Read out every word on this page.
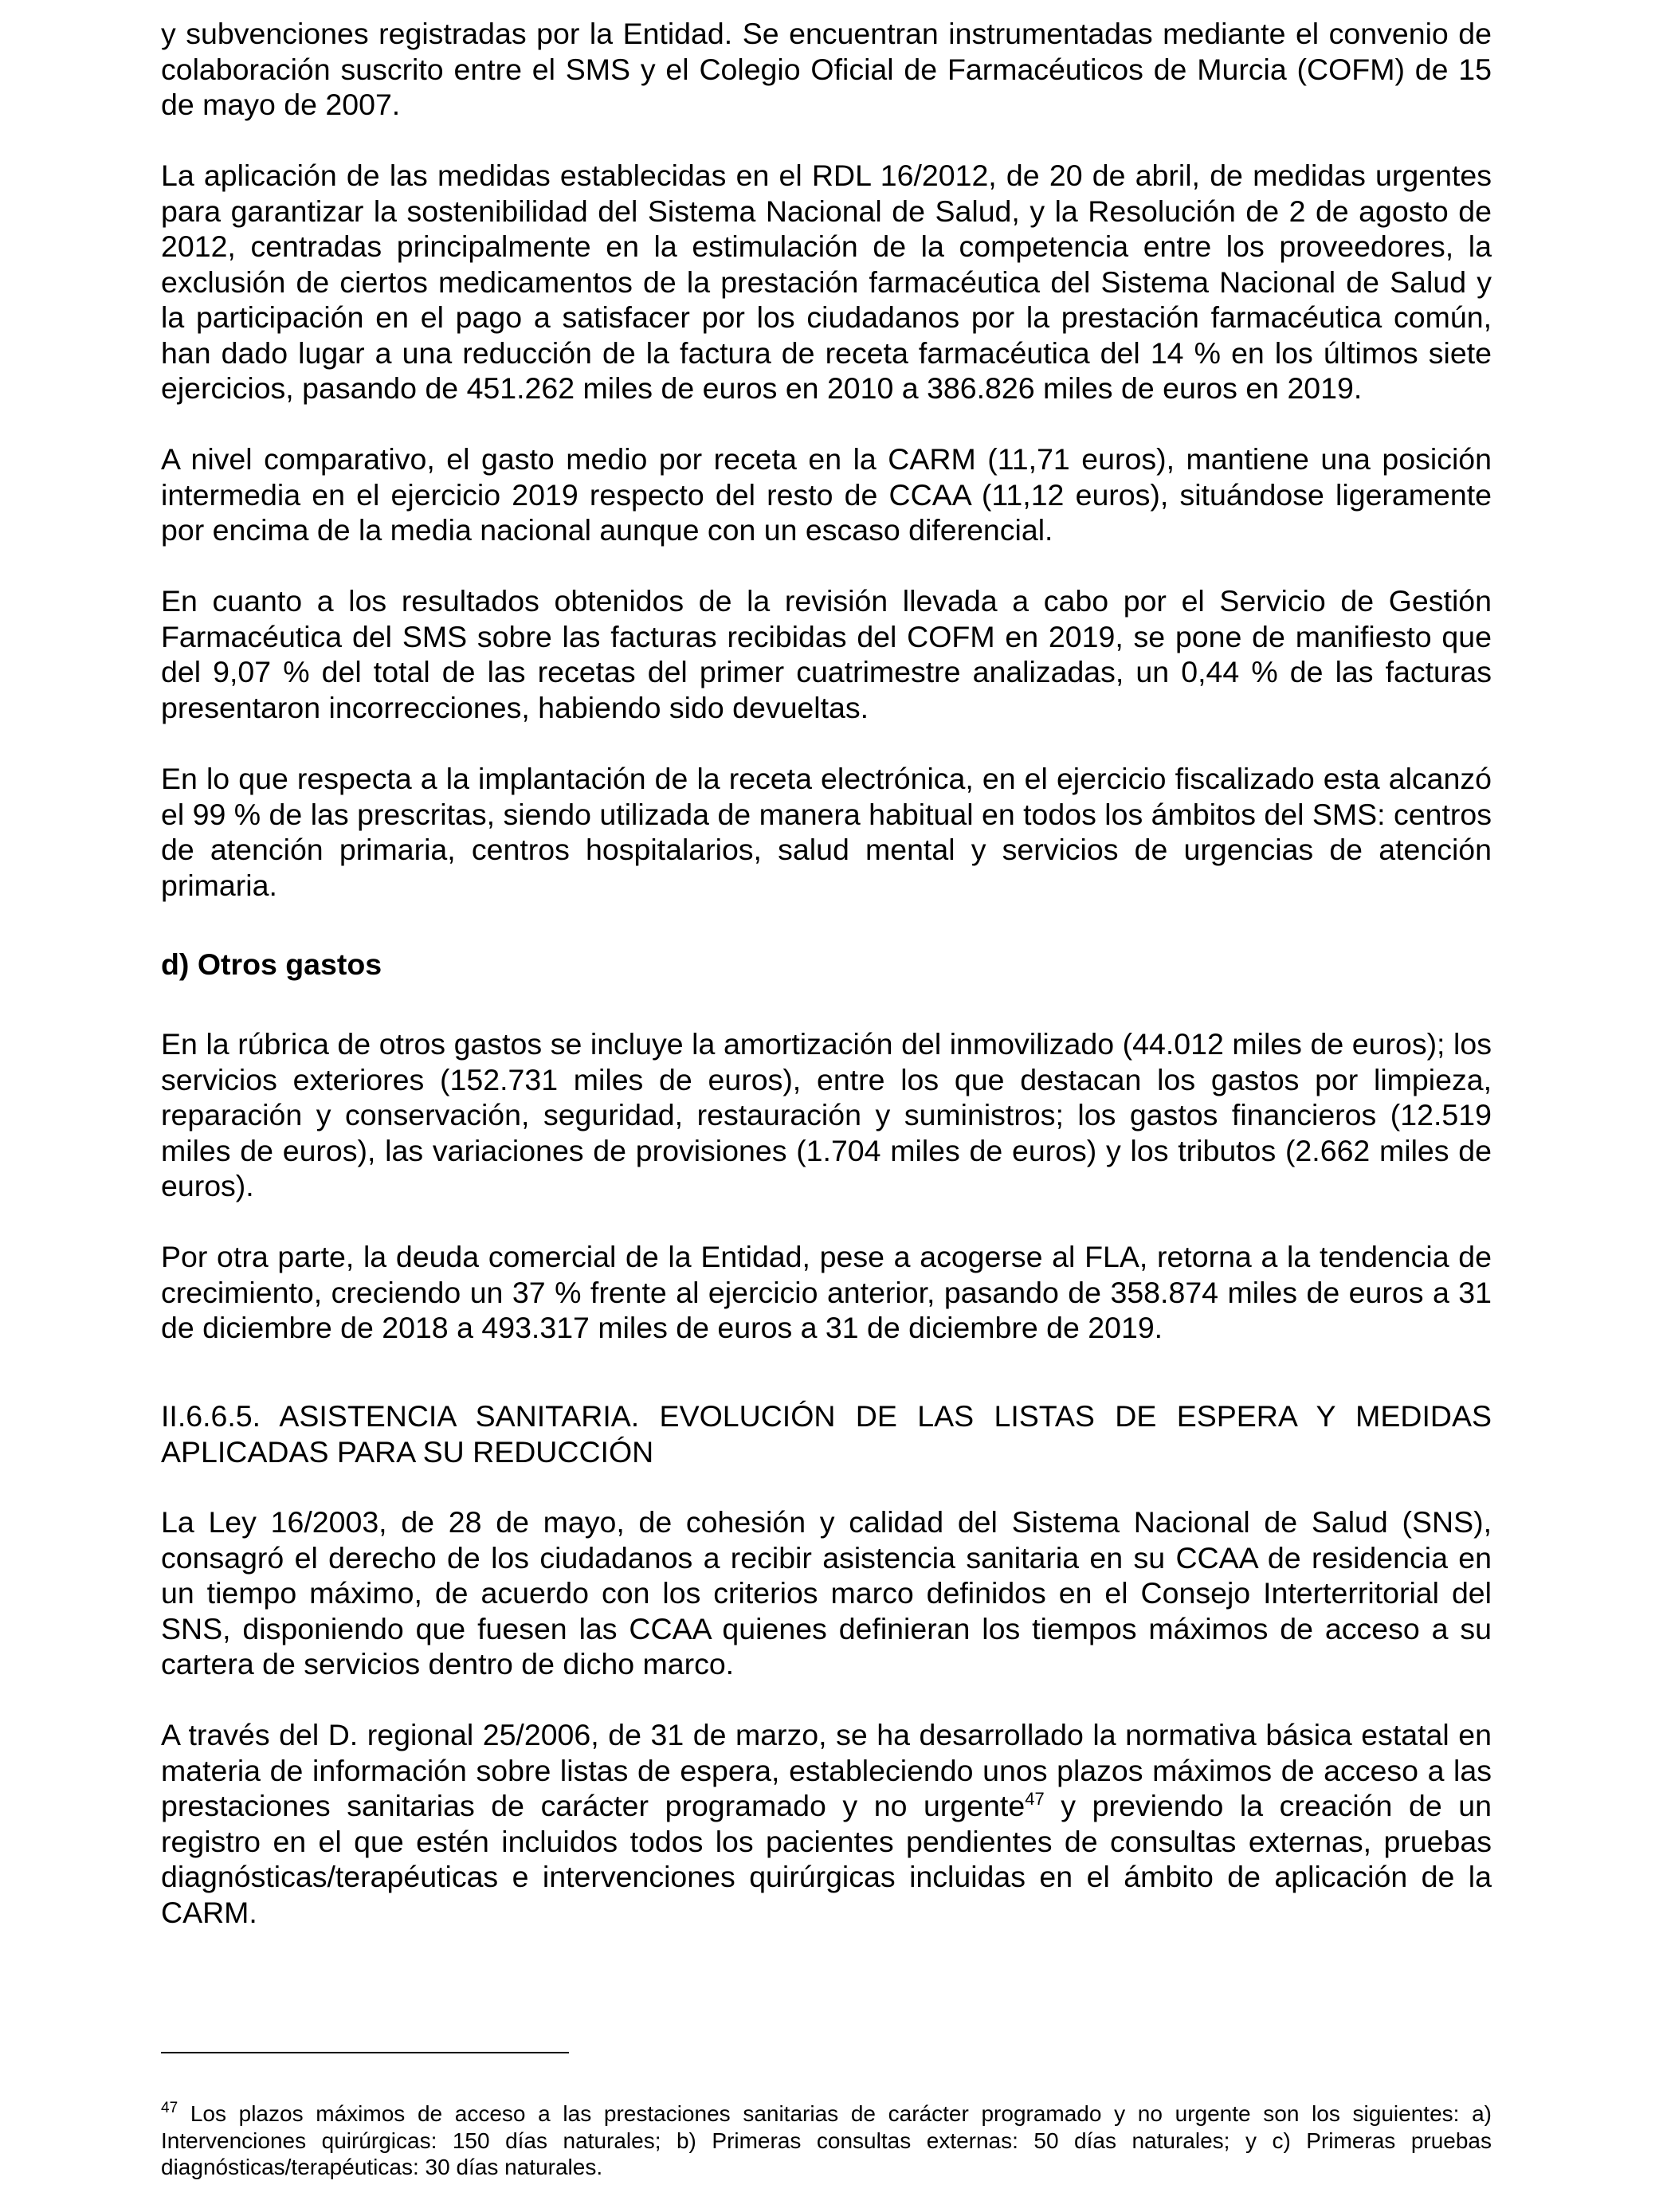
y subvenciones registradas por la Entidad. Se encuentran instrumentadas mediante el convenio de colaboración suscrito entre el SMS y el Colegio Oficial de Farmacéuticos de Murcia (COFM) de 15 de mayo de 2007.

La aplicación de las medidas establecidas en el RDL 16/2012, de 20 de abril, de medidas urgentes para garantizar la sostenibilidad del Sistema Nacional de Salud, y la Resolución de 2 de agosto de 2012, centradas principalmente en la estimulación de la competencia entre los proveedores, la exclusión de ciertos medicamentos de la prestación farmacéutica del Sistema Nacional de Salud y la participación en el pago a satisfacer por los ciudadanos por la prestación farmacéutica común, han dado lugar a una reducción de la factura de receta farmacéutica del 14 % en los últimos siete ejercicios, pasando de 451.262 miles de euros en 2010 a 386.826 miles de euros en 2019.

A nivel comparativo, el gasto medio por receta en la CARM (11,71 euros), mantiene una posición intermedia en el ejercicio 2019 respecto del resto de CCAA (11,12 euros), situándose ligeramente por encima de la media nacional aunque con un escaso diferencial.

En cuanto a los resultados obtenidos de la revisión llevada a cabo por el Servicio de Gestión Farmacéutica del SMS sobre las facturas recibidas del COFM en 2019, se pone de manifiesto que del 9,07 % del total de las recetas del primer cuatrimestre analizadas, un 0,44 % de las facturas presentaron incorrecciones, habiendo sido devueltas.

En lo que respecta a la implantación de la receta electrónica, en el ejercicio fiscalizado esta alcanzó el 99 % de las prescritas, siendo utilizada de manera habitual en todos los ámbitos del SMS: centros de atención primaria, centros hospitalarios, salud mental y servicios de urgencias de atención primaria.

d) Otros gastos

En la rúbrica de otros gastos se incluye la amortización del inmovilizado (44.012 miles de euros); los servicios exteriores (152.731 miles de euros), entre los que destacan los gastos por limpieza, reparación y conservación, seguridad, restauración y suministros; los gastos financieros (12.519 miles de euros), las variaciones de provisiones (1.704 miles de euros) y los tributos (2.662 miles de euros).

Por otra parte, la deuda comercial de la Entidad, pese a acogerse al FLA, retorna a la tendencia de crecimiento, creciendo un 37 % frente al ejercicio anterior, pasando de 358.874 miles de euros a 31 de diciembre de 2018 a 493.317 miles de euros a 31 de diciembre de 2019.

II.6.6.5. ASISTENCIA SANITARIA. EVOLUCIÓN DE LAS LISTAS DE ESPERA Y MEDIDAS APLICADAS PARA SU REDUCCIÓN

La Ley 16/2003, de 28 de mayo, de cohesión y calidad del Sistema Nacional de Salud (SNS), consagró el derecho de los ciudadanos a recibir asistencia sanitaria en su CCAA de residencia en un tiempo máximo, de acuerdo con los criterios marco definidos en el Consejo Interterritorial del SNS, disponiendo que fuesen las CCAA quienes definieran los tiempos máximos de acceso a su cartera de servicios dentro de dicho marco.

A través del D. regional 25/2006, de 31 de marzo, se ha desarrollado la normativa básica estatal en materia de información sobre listas de espera, estableciendo unos plazos máximos de acceso a las prestaciones sanitarias de carácter programado y no urgente$^{47}$ y previendo la creación de un registro en el que estén incluidos todos los pacientes pendientes de consultas externas, pruebas diagnósticas/terapéuticas e intervenciones quirúrgicas incluidas en el ámbito de aplicación de la CARM.

$^{47}$ Los plazos máximos de acceso a las prestaciones sanitarias de carácter programado y no urgente son los siguientes: a) Intervenciones quirúrgicas: 150 días naturales; b) Primeras consultas externas: 50 días naturales; y c) Primeras pruebas diagnósticas/terapéuticas: 30 días naturales.
